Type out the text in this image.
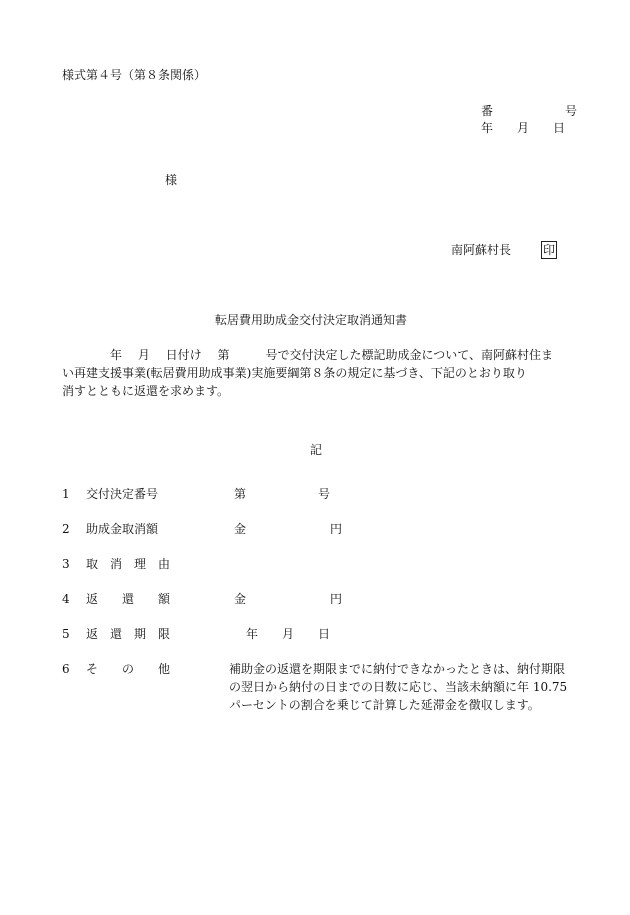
様式第４号（第８条関係）
番　　　　　　号
年　　月　　日
様
南阿蘇村長	印
転居費用助成金交付決定取消通知書
　　　　年　 月　 日付け　 第　　　号で交付決定した標記助成金について、南阿蘇村住ま
い再建支援事業(転居費用助成事業)実施要綱第８条の規定に基づき、下記のとおり取り
消すとともに返還を求めます。
記
1 交付決定番号	第　　　　　　号
2 助成金取消額	金　　　　　　　円
3 取　消　理　由
4 返　　還　　額	金　　　　　　　円
5 返　還　期　限	　年　　月　　日
6 そ　　の　　他	補助金の返還を期限までに納付できなかったときは、納付期限
の翌日から納付の日までの日数に応じ、当該未納額に年 10.75
パーセントの割合を乗じて計算した延滞金を徴収します。
